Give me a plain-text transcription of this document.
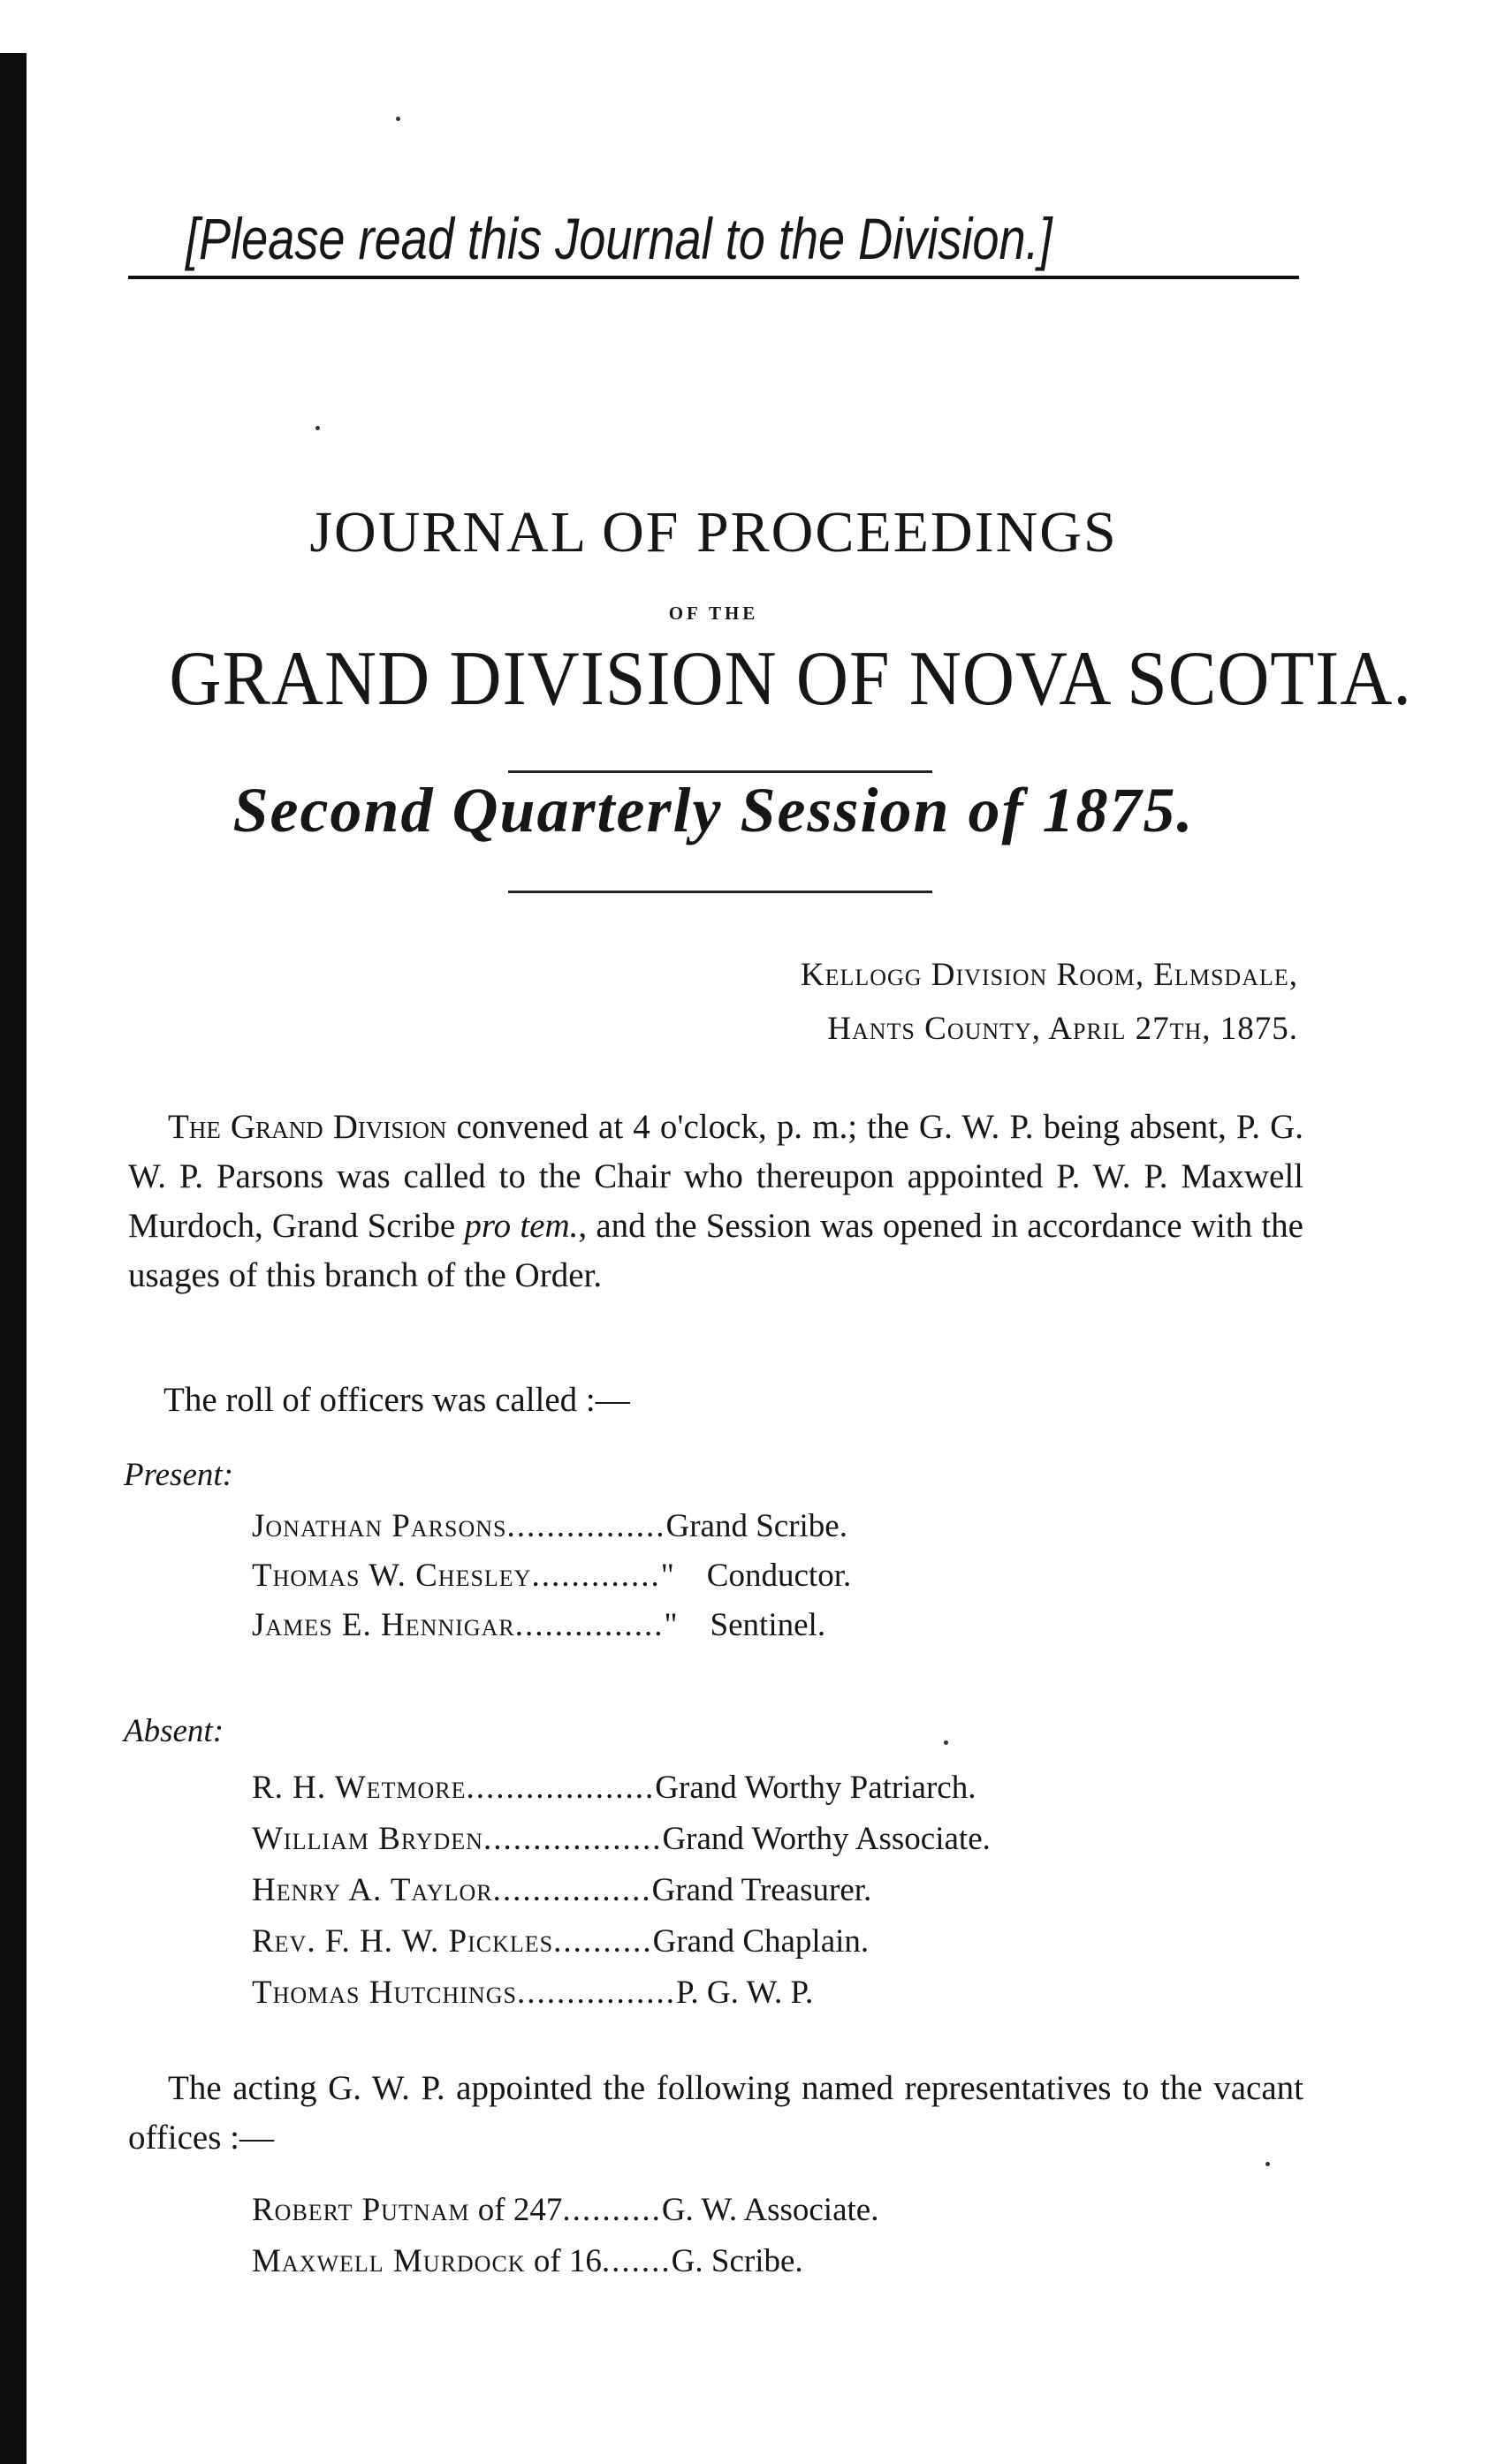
[Please read this Journal to the Division.]
JOURNAL OF PROCEEDINGS
OF THE
GRAND DIVISION OF NOVA SCOTIA.
Second Quarterly Session of 1875.
Kellogg Division Room, Elmsdale,
Hants County, April 27th, 1875.

The Grand Division convened at 4 o'clock, p. m.; the G. W. P. being absent, P. G. W. P. Parsons was called to the Chair who thereupon appointed P. W. P. Maxwell Murdoch, Grand Scribe pro tem., and the Session was opened in accordance with the usages of this branch of the Order.

The roll of officers was called :—
Present:
Jonathan Parsons................Grand Scribe.
Thomas W. Chesley............."    Conductor.
James E. Hennigar..............."    Sentinel.
Absent:
R. H. Wetmore...................Grand Worthy Patriarch.
William Bryden..................Grand Worthy Associate.
Henry A. Taylor................Grand Treasurer.
Rev. F. H. W. Pickles..........Grand Chaplain.
Thomas Hutchings................P. G. W. P.

The acting G. W. P. appointed the following named representatives to the vacant offices :—

Robert Putnam of 247..........G. W. Associate.
Maxwell Murdock of 16.......G. Scribe.
